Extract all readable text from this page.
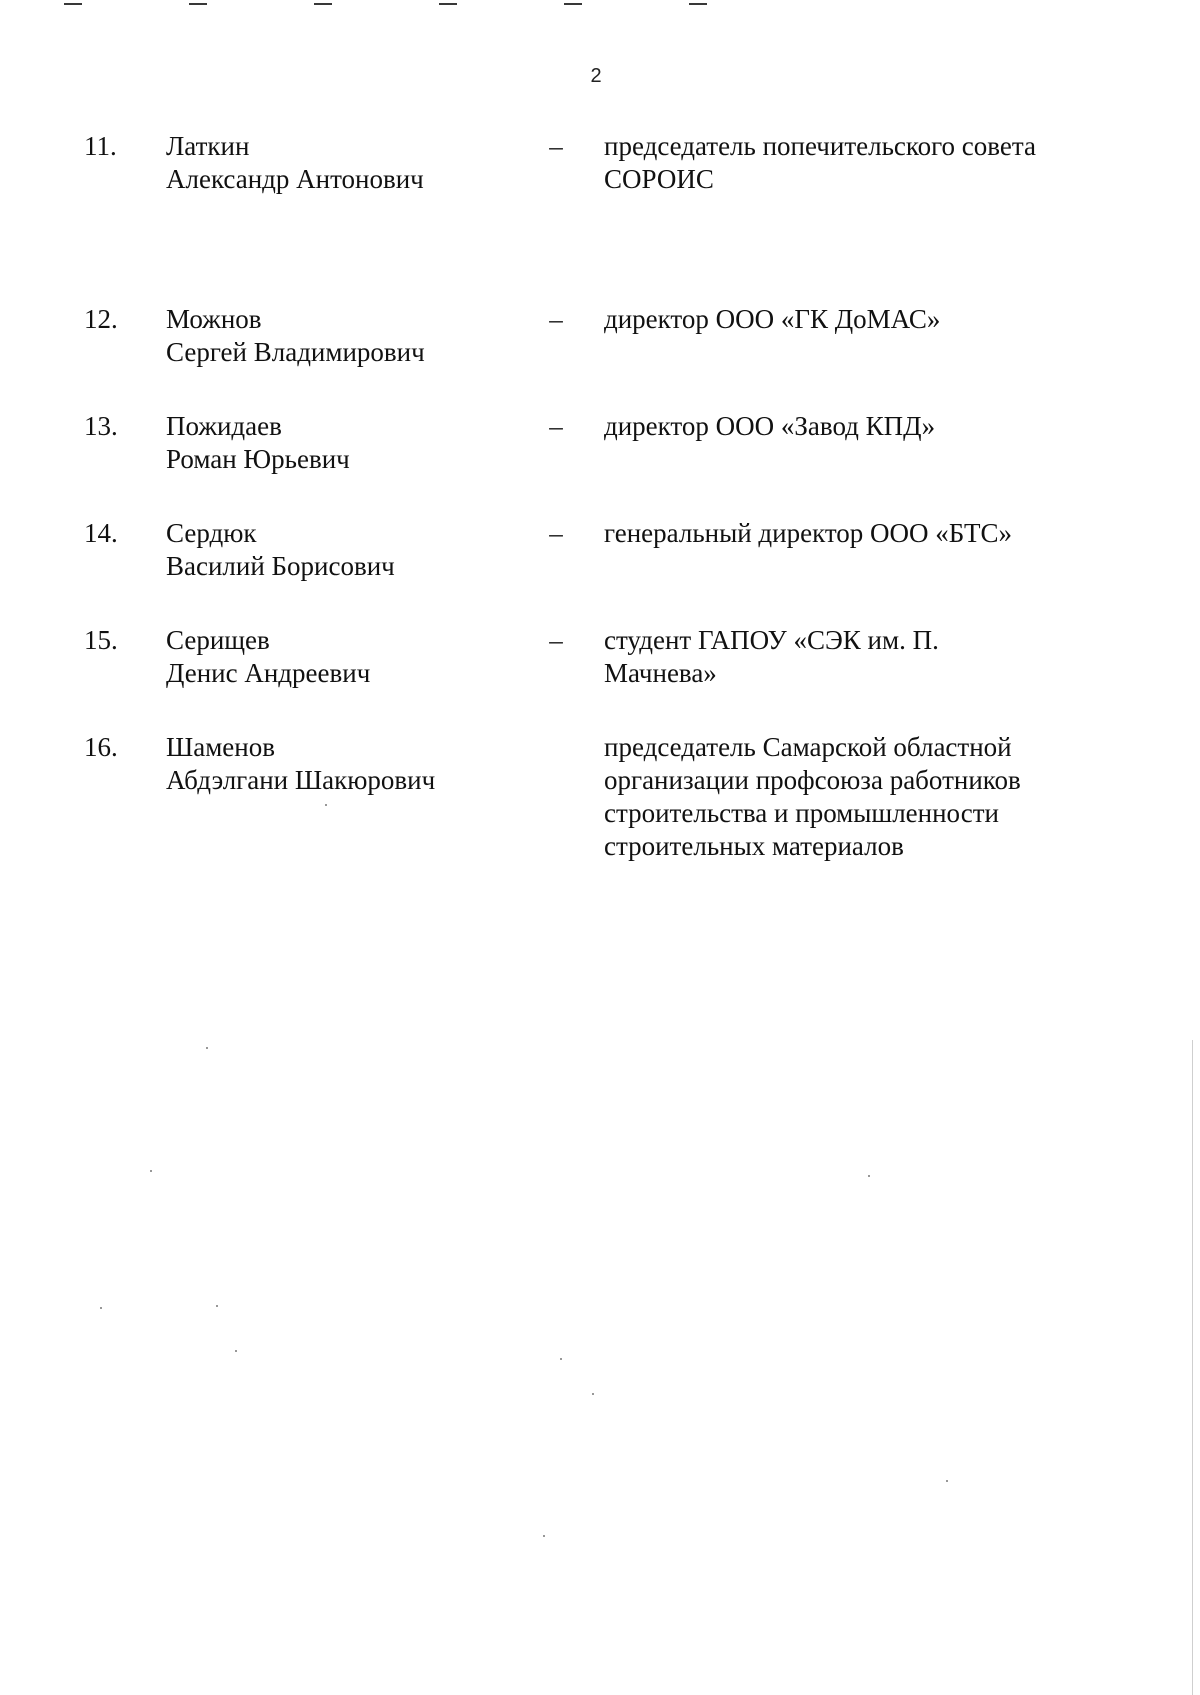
2
11.	Латкин
Александр Антонович
– председатель попечительского совета
СОРОИС
12.	Можнов
Сергей Владимирович
– директор ООО «ГК ДоМАС»
13.	Пожидаев
Роман Юрьевич
– директор ООО «Завод КПД»
14.	Сердюк
Василий Борисович
– генеральный директор ООО «БТС»
15.	Серищев
Денис Андреевич
– студент ГАПОУ «СЭК им. П.
Мачнева»
16.	Шаменов
Абдэлгани Шакюрович
председатель Самарской областной
организации профсоюза работников
строительства и промышленности
строительных материалов
